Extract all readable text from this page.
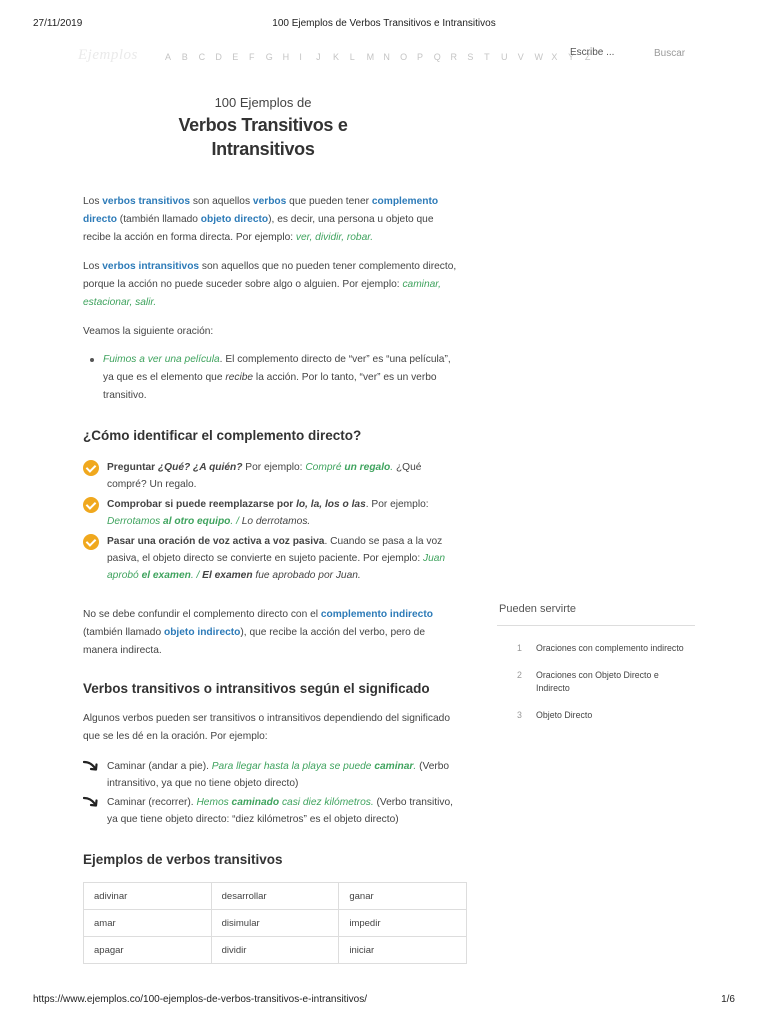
27/11/2019	100 Ejemplos de Verbos Transitivos e Intransitivos
Ejemplos	A	B	C	D	E	F	G	H	I	J	K	L	M	N	O	P	Q	R	S	T	U	V	W X	Y	Z
Escribe ...	Buscar
100 Ejemplos de
Verbos Transitivos e Intransitivos

Los verbos transitivos son aquellos verbos que pueden tener complemento directo (también llamado objeto directo), es decir, una persona u objeto que recibe la acción en forma directa. Por ejemplo: ver, dividir, robar.

Los verbos intransitivos son aquellos que no pueden tener complemento directo, porque la acción no puede suceder sobre algo o alguien. Por ejemplo: caminar, estacionar, salir.

Veamos la siguiente oración:

Fuimos a ver una película. El complemento directo de “ver” es “una película”, ya que es el elemento que recibe la acción. Por lo tanto, “ver” es un verbo transitivo.
¿Cómo identificar el complemento directo?
Preguntar ¿Qué? ¿A quién? Por ejemplo: Compré un regalo. ¿Qué compré? Un regalo.
Comprobar si puede reemplazarse por lo, la, los o las. Por ejemplo: Derrotamos al otro equipo. / Lo derrotamos.
Pasar una oración de voz activa a voz pasiva. Cuando se pasa a la voz pasiva, el objeto directo se convierte en sujeto paciente. Por ejemplo: Juan aprobó el examen. / El examen fue aprobado por Juan.

No se debe confundir el complemento directo con el complemento indirecto (también llamado objeto indirecto), que recibe la acción del verbo, pero de manera indirecta.

Verbos transitivos o intransitivos según el significado

Algunos verbos pueden ser transitivos o intransitivos dependiendo del significado que se les dé en la oración. Por ejemplo:

Caminar (andar a pie). Para llegar hasta la playa se puede caminar. (Verbo intransitivo, ya que no tiene objeto directo)
Caminar (recorrer). Hemos caminado casi diez kilómetros. (Verbo transitivo, ya que tiene objeto directo: “diez kilómetros” es el objeto directo)
Ejemplos de verbos transitivos
adivinar	desarrollar	ganar
amar	disimular	impedir
apagar	dividir	iniciar
Pueden servirte
1 Oraciones con complemento indirecto
2 Oraciones con Objeto Directo e Indirecto
3 Objeto Directo
https://www.ejemplos.co/100-ejemplos-de-verbos-transitivos-e-intransitivos/	1/6
